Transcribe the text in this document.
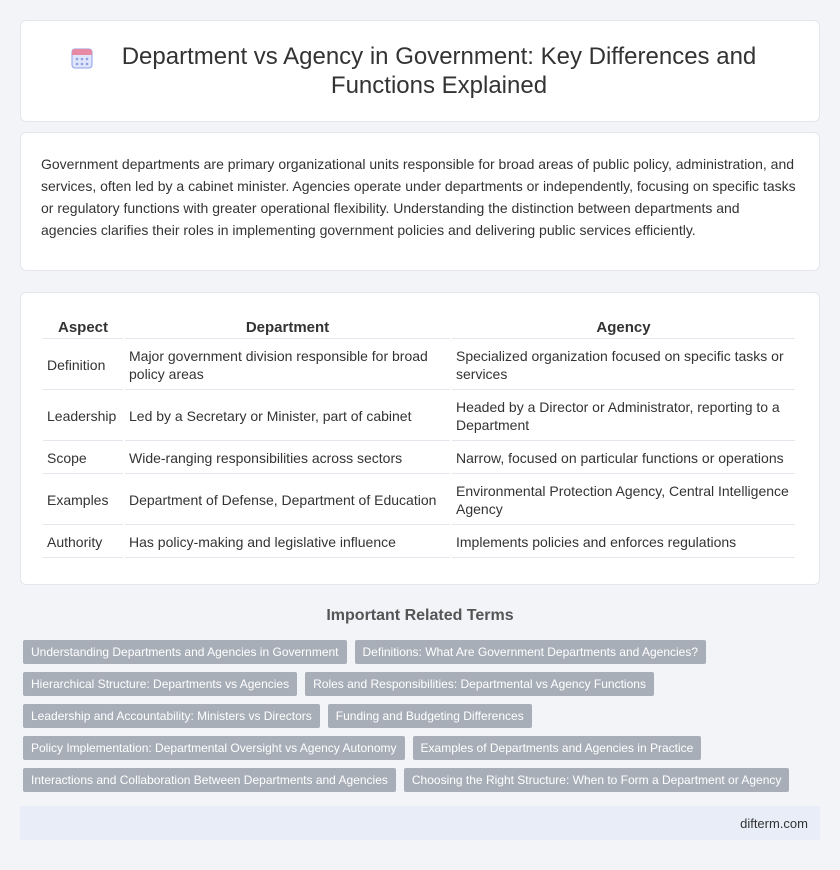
Department vs Agency in Government: Key Differences and Functions Explained

Government departments are primary organizational units responsible for broad areas of public policy, administration, and services, often led by a cabinet minister. Agencies operate under departments or independently, focusing on specific tasks or regulatory functions with greater operational flexibility. Understanding the distinction between departments and agencies clarifies their roles in implementing government policies and delivering public services efficiently.

Aspect	Department	Agency
Definition	Major government division responsible for broad policy areas	Specialized organization focused on specific tasks or services
Leadership	Led by a Secretary or Minister, part of cabinet	Headed by a Director or Administrator, reporting to a Department
Scope	Wide-ranging responsibilities across sectors	Narrow, focused on particular functions or operations
Examples	Department of Defense, Department of Education	Environmental Protection Agency, Central Intelligence Agency
Authority	Has policy-making and legislative influence	Implements policies and enforces regulations
Important Related Terms
Understanding Departments and Agencies in Government	Definitions: What Are Government Departments and Agencies?
Hierarchical Structure: Departments vs Agencies	Roles and Responsibilities: Departmental vs Agency Functions
Leadership and Accountability: Ministers vs Directors	Funding and Budgeting Differences
Policy Implementation: Departmental Oversight vs Agency Autonomy	Examples of Departments and Agencies in Practice
Interactions and Collaboration Between Departments and Agencies	Choosing the Right Structure: When to Form a Department or Agency
difterm.com
